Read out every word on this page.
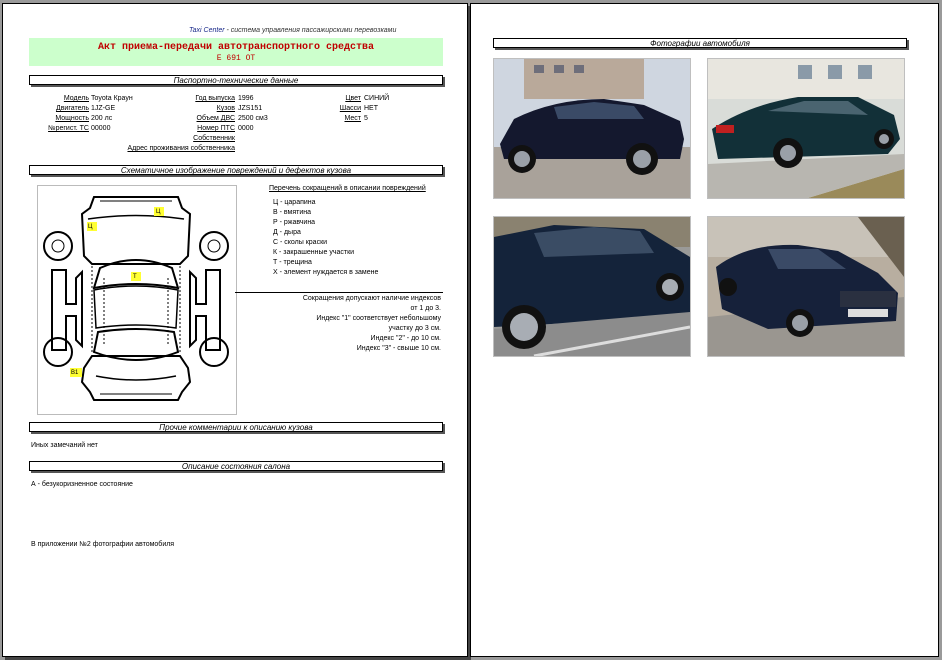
Taxi Center - система управления пассажирскими перевозками
Акт приема-передачи автотранспортного средства
Е 691 ОТ
Паспортно-технические данные
Модель Toyota Краун
Двигатель 1JZ-GE
Мощность 200 лс
№регист. ТС 00000
Год выпуска 1996
Кузов JZS151
Объем ДВС 2500 см3
Номер ПТС 0000
Собственник
Адрес проживания собственника
Цвет СИНИЙ
Шасси НЕТ
Мест 5
Схематичное изображение повреждений и дефектов кузова
Ц
Ц
Т
В1
Перечень сокращений в описании повреждений
Ц - царапина
В - вмятина
Р - ржавчина
Д - дыра
С - сколы краски
К - закрашенные участки
Т - трещина
Х - элемент нуждается в замене
Сокращения допускают наличие индексов
от 1 до 3.
Индекс "1" соответствует небольшому
участку до 3 см.
Индекс "2" - до 10 см.
Индекс "3" - свыше 10 см.
Прочие комментарии к описанию кузова
Иных замечаний нет
Описание состояния салона
А - безукоризненное состояние
В приложении №2 фотографии автомобиля
Фотографии автомобиля
